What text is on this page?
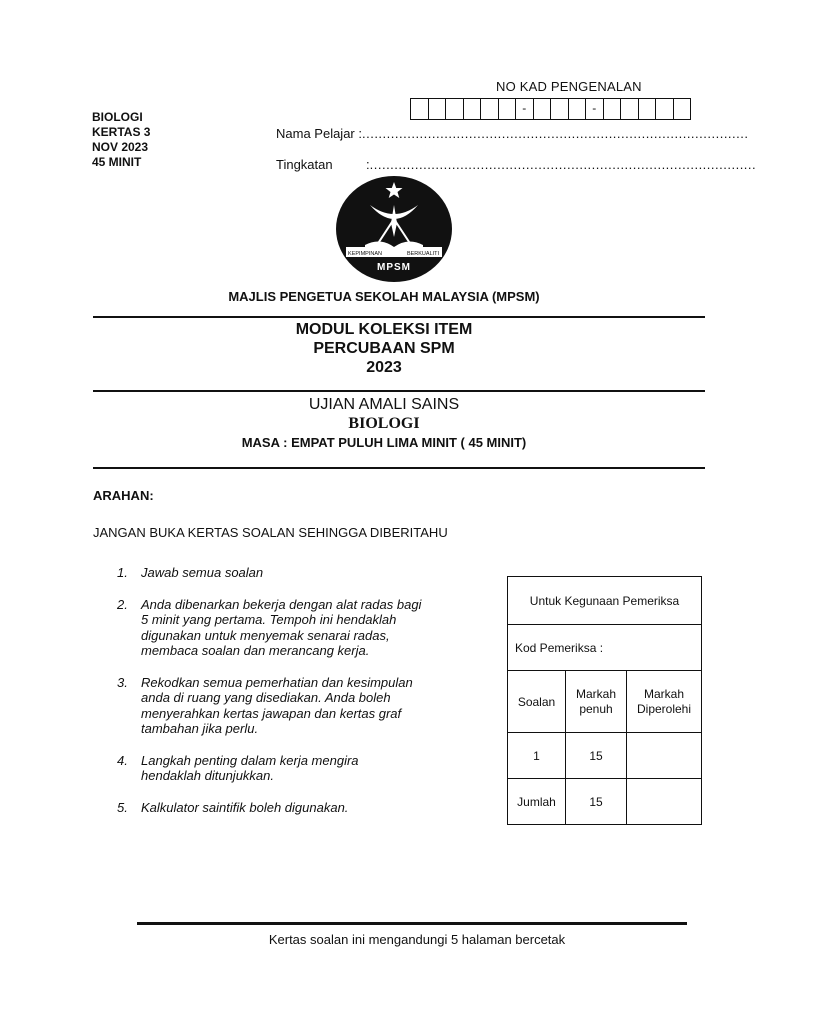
BIOLOGI
KERTAS 3
NOV 2023
45 MINIT
NO KAD PENGENALAN
-	-
Nama Pelajar :..............................................................................................
Tingkatan	:..............................................................................................
KEPIMPINAN	BERKUALITI
MPSM
MAJLIS PENGETUA SEKOLAH MALAYSIA (MPSM)
MODUL KOLEKSI ITEM
PERCUBAAN SPM
2023
UJIAN AMALI SAINS
BIOLOGI
MASA : EMPAT PULUH LIMA MINIT ( 45 MINIT)
ARAHAN:
JANGAN BUKA KERTAS SOALAN SEHINGGA DIBERITAHU
1.	Jawab semua soalan
2.	Anda dibenarkan bekerja dengan alat radas bagi 5 minit yang pertama. Tempoh ini hendaklah digunakan untuk menyemak senarai radas, membaca soalan dan merancang kerja.
3.	Rekodkan semua pemerhatian dan kesimpulan anda di ruang yang disediakan. Anda boleh menyerahkan kertas jawapan dan kertas graf tambahan jika perlu.
4.	Langkah penting dalam kerja mengira hendaklah ditunjukkan.
5.	Kalkulator saintifik boleh digunakan.
Untuk Kegunaan Pemeriksa		
Kod Pemeriksa :		
Soalan	Markah penuh	Markah Diperolehi
1	15	
Jumlah	15	
Kertas soalan ini mengandungi 5 halaman bercetak
